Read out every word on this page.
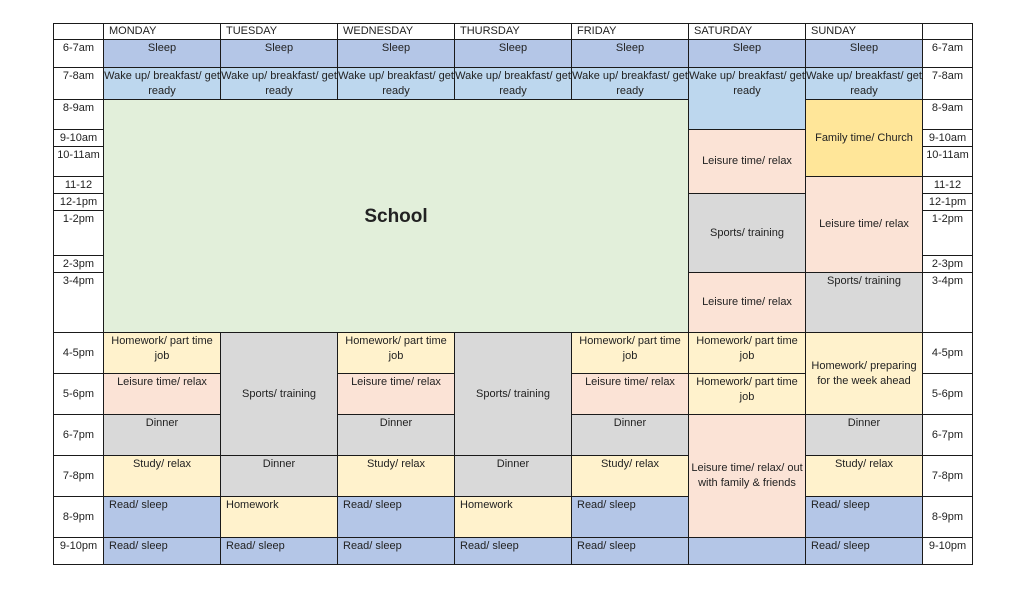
	MONDAY	TUESDAY	WEDNESDAY	THURSDAY	FRIDAY	SATURDAY	SUNDAY	
6-7am	Sleep	Sleep	Sleep	Sleep	Sleep	Sleep	Sleep	6-7am
7-8am	Wake up/ breakfast/ get ready	Wake up/ breakfast/ get ready	Wake up/ breakfast/ get ready	Wake up/ breakfast/ get ready	Wake up/ breakfast/ get ready	Wake up/ breakfast/ get ready	Wake up/ breakfast/ get ready	7-8am
8-9am	School						Family time/ Church	8-9am
9-10am						Leisure time/ relax		9-10am
10-11am								10-11am
11-12							Leisure time/ relax	11-12
12-1pm						Sports/ training		12-1pm
1-2pm								1-2pm
2-3pm								2-3pm
3-4pm						Leisure time/ relax	Sports/ training	3-4pm
4-5pm	Homework/ part time job	Sports/ training	Homework/ part time job	Sports/ training	Homework/ part time job	Homework/ part time job	Homework/ preparing for the week ahead	4-5pm
5-6pm	Leisure time/ relax		Leisure time/ relax		Leisure time/ relax	Homework/ part time job		5-6pm
6-7pm	Dinner		Dinner		Dinner	Leisure time/ relax/ out with family & friends	Dinner	6-7pm
7-8pm	Study/ relax	Dinner	Study/ relax	Dinner	Study/ relax		Study/ relax	7-8pm
8-9pm	Read/ sleep	Homework	Read/ sleep	Homework	Read/ sleep		Read/ sleep	8-9pm
9-10pm	Read/ sleep	Read/ sleep	Read/ sleep	Read/ sleep	Read/ sleep		Read/ sleep	9-10pm
